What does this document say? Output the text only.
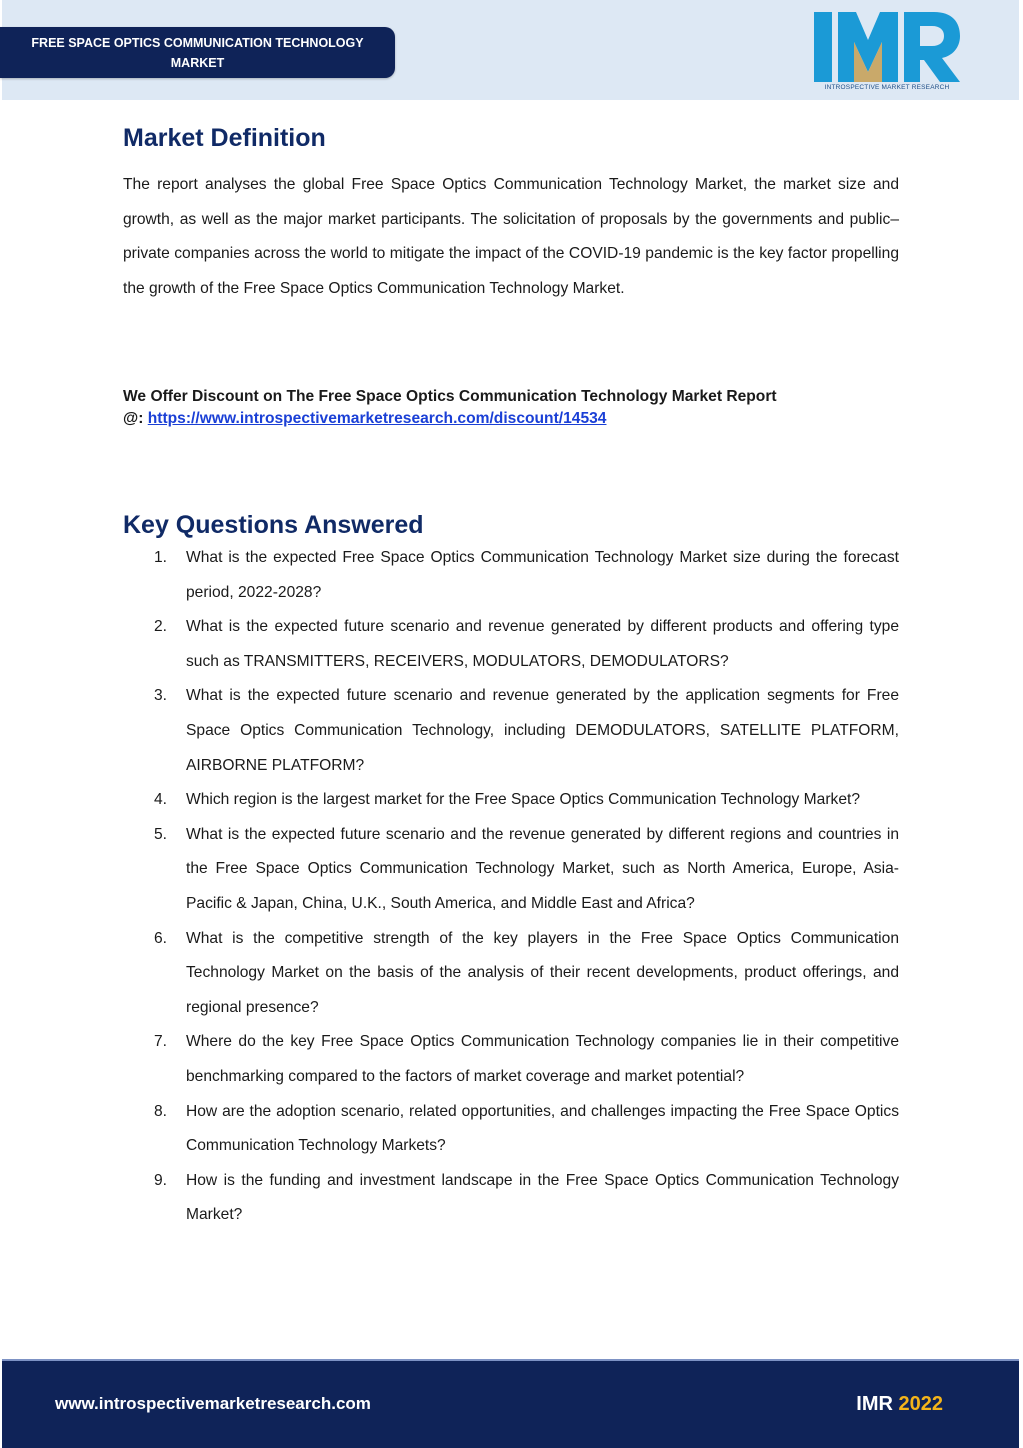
FREE SPACE OPTICS COMMUNICATION TECHNOLOGY MARKET
INTROSPECTIVE MARKET RESEARCH
Market Definition

The report analyses the global Free Space Optics Communication Technology Market, the market size and growth, as well as the major market participants. The solicitation of proposals by the governments and public–private companies across the world to mitigate the impact of the COVID-19 pandemic is the key factor propelling the growth of the Free Space Optics Communication Technology Market.

We Offer Discount on The Free Space Optics Communication Technology Market Report
@: https://www.introspectivemarketresearch.com/discount/14534

Key Questions Answered
1.	What is the expected Free Space Optics Communication Technology Market size during the forecast period, 2022-2028?
2.	What is the expected future scenario and revenue generated by different products and offering type such as TRANSMITTERS, RECEIVERS, MODULATORS, DEMODULATORS?
3.	What is the expected future scenario and revenue generated by the application segments for Free Space Optics Communication Technology, including DEMODULATORS, SATELLITE PLATFORM, AIRBORNE PLATFORM?
4.	Which region is the largest market for the Free Space Optics Communication Technology Market?
5.	What is the expected future scenario and the revenue generated by different regions and countries in the Free Space Optics Communication Technology Market, such as North America, Europe, Asia-Pacific & Japan, China, U.K., South America, and Middle East and Africa?
6.	What is the competitive strength of the key players in the Free Space Optics Communication Technology Market on the basis of the analysis of their recent developments, product offerings, and regional presence?
7.	Where do the key Free Space Optics Communication Technology companies lie in their competitive benchmarking compared to the factors of market coverage and market potential?
8.	How are the adoption scenario, related opportunities, and challenges impacting the Free Space Optics Communication Technology Markets?
9.	How is the funding and investment landscape in the Free Space Optics Communication Technology Market?
www.introspectivemarketresearch.com	IMR 2022
